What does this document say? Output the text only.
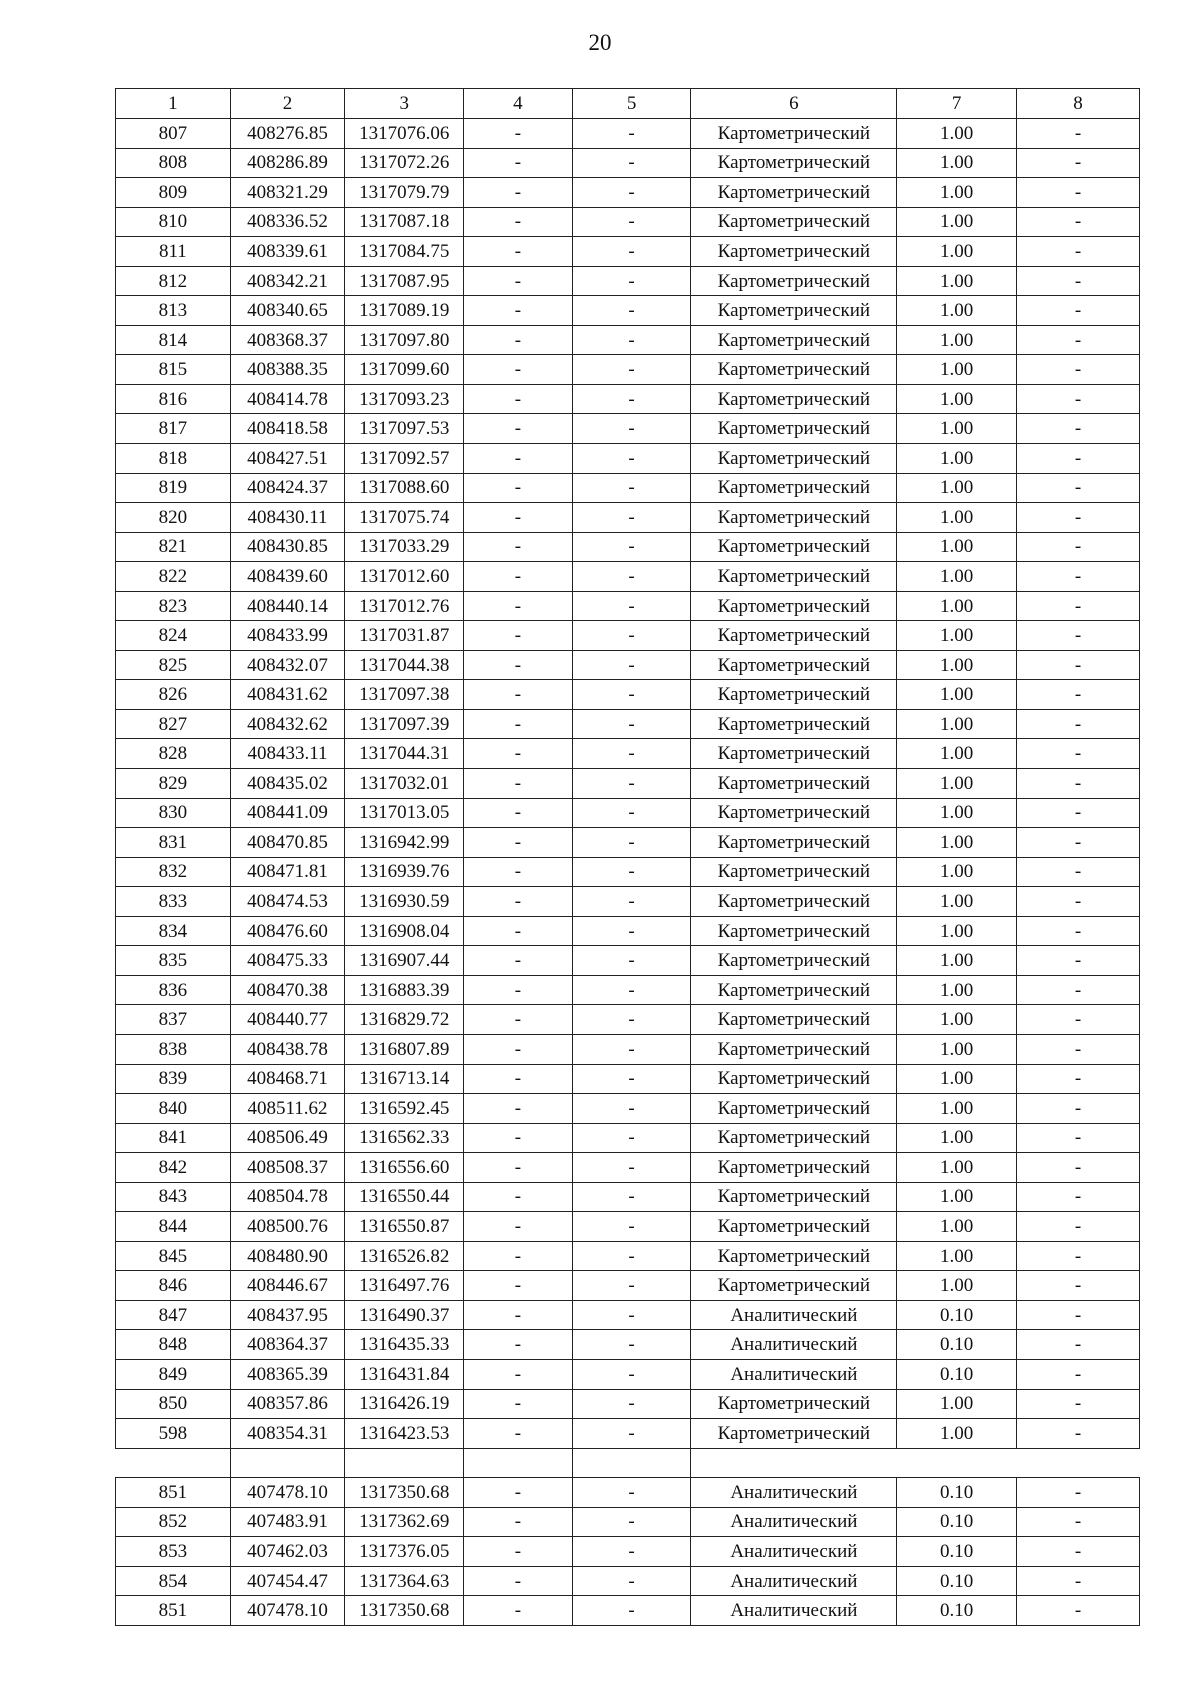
20
1	2	3	4	5	6	7	8
807	408276.85	1317076.06	-	-	Картометрический	1.00	-
808	408286.89	1317072.26	-	-	Картометрический	1.00	-
809	408321.29	1317079.79	-	-	Картометрический	1.00	-
810	408336.52	1317087.18	-	-	Картометрический	1.00	-
811	408339.61	1317084.75	-	-	Картометрический	1.00	-
812	408342.21	1317087.95	-	-	Картометрический	1.00	-
813	408340.65	1317089.19	-	-	Картометрический	1.00	-
814	408368.37	1317097.80	-	-	Картометрический	1.00	-
815	408388.35	1317099.60	-	-	Картометрический	1.00	-
816	408414.78	1317093.23	-	-	Картометрический	1.00	-
817	408418.58	1317097.53	-	-	Картометрический	1.00	-
818	408427.51	1317092.57	-	-	Картометрический	1.00	-
819	408424.37	1317088.60	-	-	Картометрический	1.00	-
820	408430.11	1317075.74	-	-	Картометрический	1.00	-
821	408430.85	1317033.29	-	-	Картометрический	1.00	-
822	408439.60	1317012.60	-	-	Картометрический	1.00	-
823	408440.14	1317012.76	-	-	Картометрический	1.00	-
824	408433.99	1317031.87	-	-	Картометрический	1.00	-
825	408432.07	1317044.38	-	-	Картометрический	1.00	-
826	408431.62	1317097.38	-	-	Картометрический	1.00	-
827	408432.62	1317097.39	-	-	Картометрический	1.00	-
828	408433.11	1317044.31	-	-	Картометрический	1.00	-
829	408435.02	1317032.01	-	-	Картометрический	1.00	-
830	408441.09	1317013.05	-	-	Картометрический	1.00	-
831	408470.85	1316942.99	-	-	Картометрический	1.00	-
832	408471.81	1316939.76	-	-	Картометрический	1.00	-
833	408474.53	1316930.59	-	-	Картометрический	1.00	-
834	408476.60	1316908.04	-	-	Картометрический	1.00	-
835	408475.33	1316907.44	-	-	Картометрический	1.00	-
836	408470.38	1316883.39	-	-	Картометрический	1.00	-
837	408440.77	1316829.72	-	-	Картометрический	1.00	-
838	408438.78	1316807.89	-	-	Картометрический	1.00	-
839	408468.71	1316713.14	-	-	Картометрический	1.00	-
840	408511.62	1316592.45	-	-	Картометрический	1.00	-
841	408506.49	1316562.33	-	-	Картометрический	1.00	-
842	408508.37	1316556.60	-	-	Картометрический	1.00	-
843	408504.78	1316550.44	-	-	Картометрический	1.00	-
844	408500.76	1316550.87	-	-	Картометрический	1.00	-
845	408480.90	1316526.82	-	-	Картометрический	1.00	-
846	408446.67	1316497.76	-	-	Картометрический	1.00	-
847	408437.95	1316490.37	-	-	Аналитический	0.10	-
848	408364.37	1316435.33	-	-	Аналитический	0.10	-
849	408365.39	1316431.84	-	-	Аналитический	0.10	-
850	408357.86	1316426.19	-	-	Картометрический	1.00	-
598	408354.31	1316423.53	-	-	Картометрический	1.00	-

851	407478.10	1317350.68	-	-	Аналитический	0.10	-
852	407483.91	1317362.69	-	-	Аналитический	0.10	-
853	407462.03	1317376.05	-	-	Аналитический	0.10	-
854	407454.47	1317364.63	-	-	Аналитический	0.10	-
851	407478.10	1317350.68	-	-	Аналитический	0.10	-
